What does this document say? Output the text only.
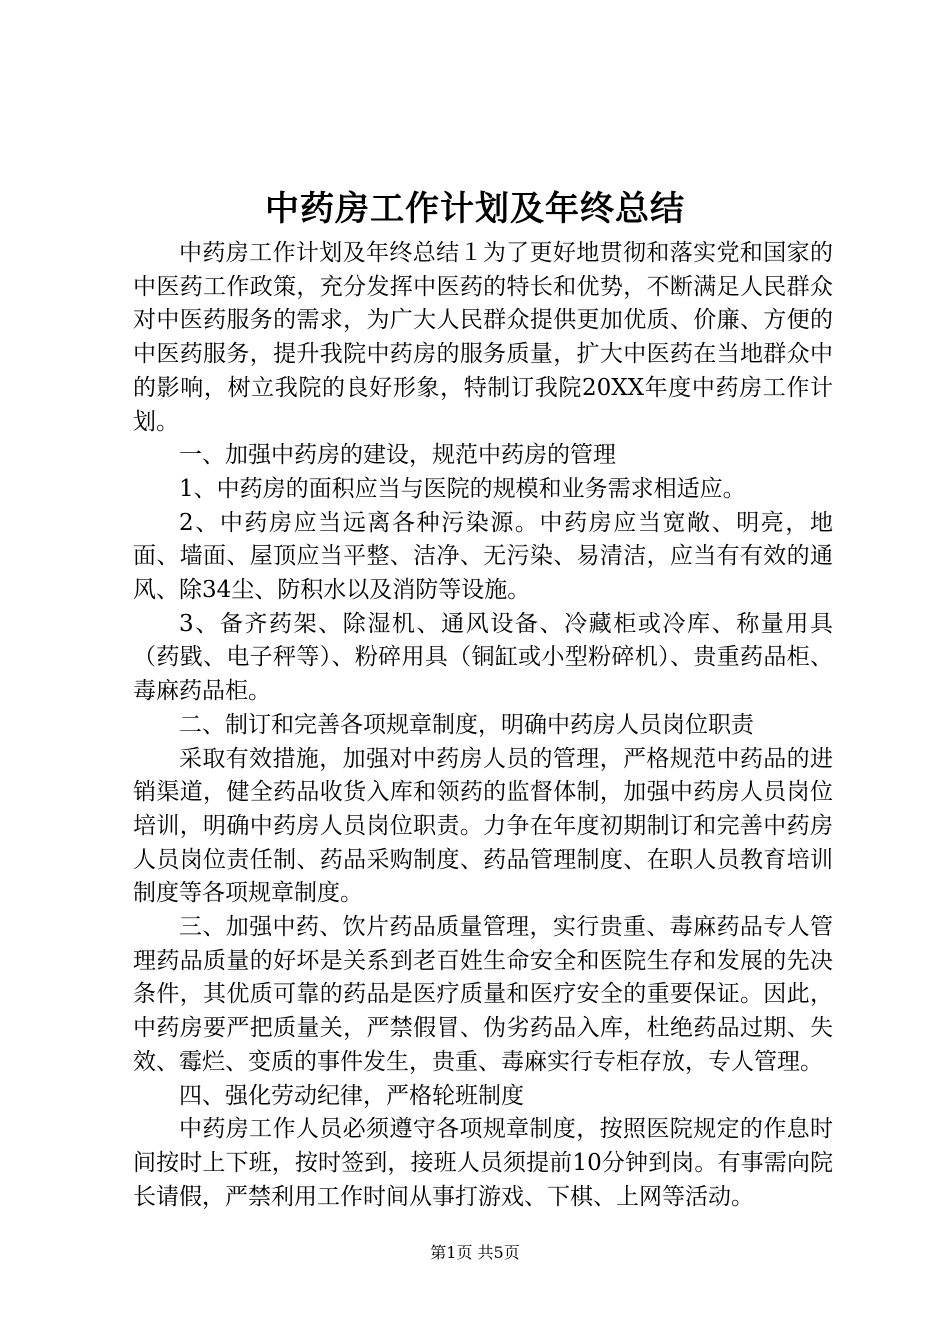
中药房工作计划及年终总结

中药房工作计划及年终总结１为了更好地贯彻和落实党和国家的中医药工作政策，充分发挥中医药的特长和优势，不断满足人民群众对中医药服务的需求，为广大人民群众提供更加优质、价廉、方便的中医药服务，提升我院中药房的服务质量，扩大中医药在当地群众中的影响，树立我院的良好形象，特制订我院20XX年度中药房工作计划。

一、加强中药房的建设，规范中药房的管理

1、中药房的面积应当与医院的规模和业务需求相适应。

2、中药房应当远离各种污染源。中药房应当宽敞、明亮，地面、墙面、屋顶应当平整、洁净、无污染、易清洁，应当有有效的通风、除34尘、防积水以及消防等设施。

3、备齐药架、除湿机、通风设备、冷藏柜或冷库、称量用具（药戥、电子秤等）、粉碎用具（铜缸或小型粉碎机）、贵重药品柜、毒麻药品柜。

二、制订和完善各项规章制度，明确中药房人员岗位职责

采取有效措施，加强对中药房人员的管理，严格规范中药品的进销渠道，健全药品收货入库和领药的监督体制，加强中药房人员岗位培训，明确中药房人员岗位职责。力争在年度初期制订和完善中药房人员岗位责任制、药品采购制度、药品管理制度、在职人员教育培训制度等各项规章制度。

三、加强中药、饮片药品质量管理，实行贵重、毒麻药品专人管理药品质量的好坏是关系到老百姓生命安全和医院生存和发展的先决条件，其优质可靠的药品是医疗质量和医疗安全的重要保证。因此，中药房要严把质量关，严禁假冒、伪劣药品入库，杜绝药品过期、失效、霉烂、变质的事件发生，贵重、毒麻实行专柜存放，专人管理。

四、强化劳动纪律，严格轮班制度

中药房工作人员必须遵守各项规章制度，按照医院规定的作息时间按时上下班，按时签到，接班人员须提前10分钟到岗。有事需向院长请假，严禁利用工作时间从事打游戏、下棋、上网等活动。

第1页 共5页
